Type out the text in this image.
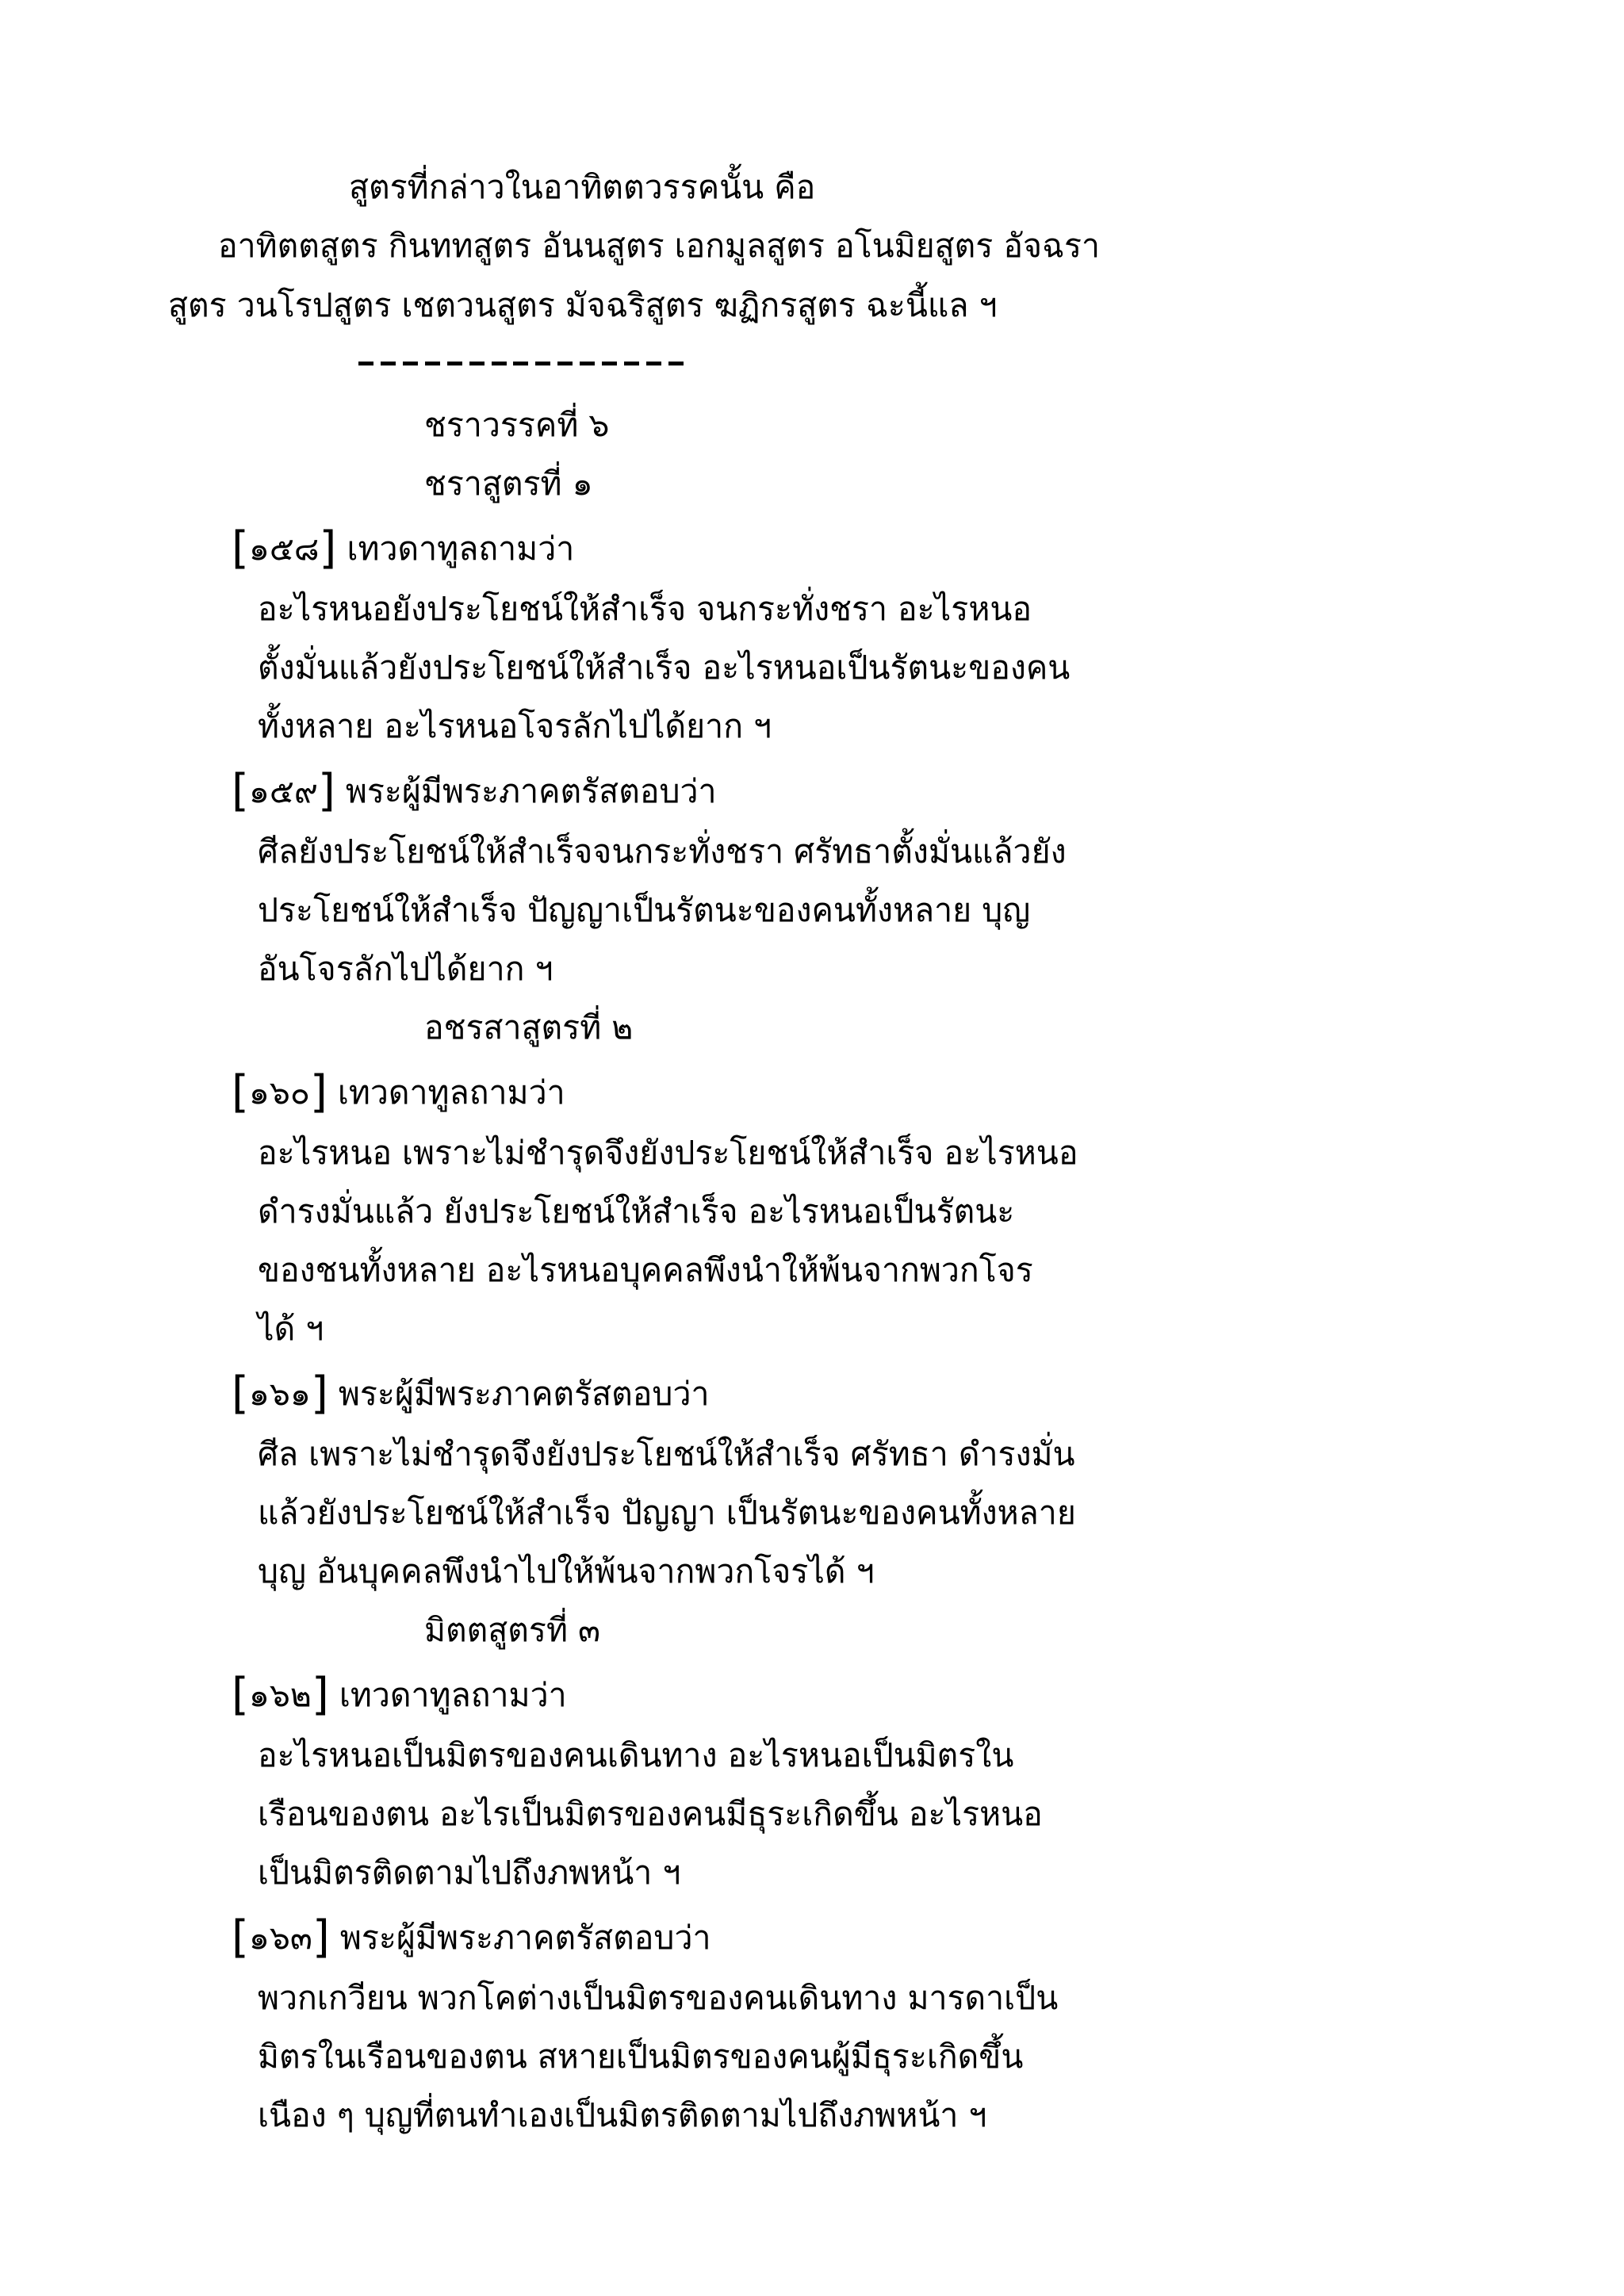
สูตรที่กล่าวในอาทิตตวรรคนั้น คือ
อาทิตตสูตร กินททสูตร อันนสูตร เอกมูลสูตร อโนมิยสูตร อัจฉรา
สูตร วนโรปสูตร เชตวนสูตร มัจฉริสูตร ฆฏิกรสูตร ฉะนี้แล ฯ
ชราวรรคที่ ๖
ชราสูตรที่ ๑
[๑๕๘] เทวดาทูลถามว่า
อะไรหนอยังประโยชน์ให้สำเร็จ จนกระทั่งชรา อะไรหนอ
ตั้งมั่นแล้วยังประโยชน์ให้สำเร็จ อะไรหนอเป็นรัตนะของคน
ทั้งหลาย อะไรหนอโจรลักไปได้ยาก ฯ
[๑๕๙] พระผู้มีพระภาคตรัสตอบว่า
ศีลยังประโยชน์ให้สำเร็จจนกระทั่งชรา ศรัทธาตั้งมั่นแล้วยัง
ประโยชน์ให้สำเร็จ ปัญญาเป็นรัตนะของคนทั้งหลาย บุญ
อันโจรลักไปได้ยาก ฯ
อชรสาสูตรที่ ๒
[๑๖๐] เทวดาทูลถามว่า
อะไรหนอ เพราะไม่ชำรุดจึงยังประโยชน์ให้สำเร็จ อะไรหนอ
ดำรงมั่นแล้ว ยังประโยชน์ให้สำเร็จ อะไรหนอเป็นรัตนะ
ของชนทั้งหลาย อะไรหนอบุคคลพึงนำให้พ้นจากพวกโจร
ได้ ฯ
[๑๖๑] พระผู้มีพระภาคตรัสตอบว่า
ศีล เพราะไม่ชำรุดจึงยังประโยชน์ให้สำเร็จ ศรัทธา ดำรงมั่น
แล้วยังประโยชน์ให้สำเร็จ ปัญญา เป็นรัตนะของคนทั้งหลาย
บุญ อันบุคคลพึงนำไปให้พ้นจากพวกโจรได้ ฯ
มิตตสูตรที่ ๓
[๑๖๒] เทวดาทูลถามว่า
อะไรหนอเป็นมิตรของคนเดินทาง อะไรหนอเป็นมิตรใน
เรือนของตน อะไรเป็นมิตรของคนมีธุระเกิดขึ้น อะไรหนอ
เป็นมิตรติดตามไปถึงภพหน้า ฯ
[๑๖๓] พระผู้มีพระภาคตรัสตอบว่า
พวกเกวียน พวกโคต่างเป็นมิตรของคนเดินทาง มารดาเป็น
มิตรในเรือนของตน สหายเป็นมิตรของคนผู้มีธุระเกิดขึ้น
เนือง ๆ บุญที่ตนทำเองเป็นมิตรติดตามไปถึงภพหน้า ฯ
